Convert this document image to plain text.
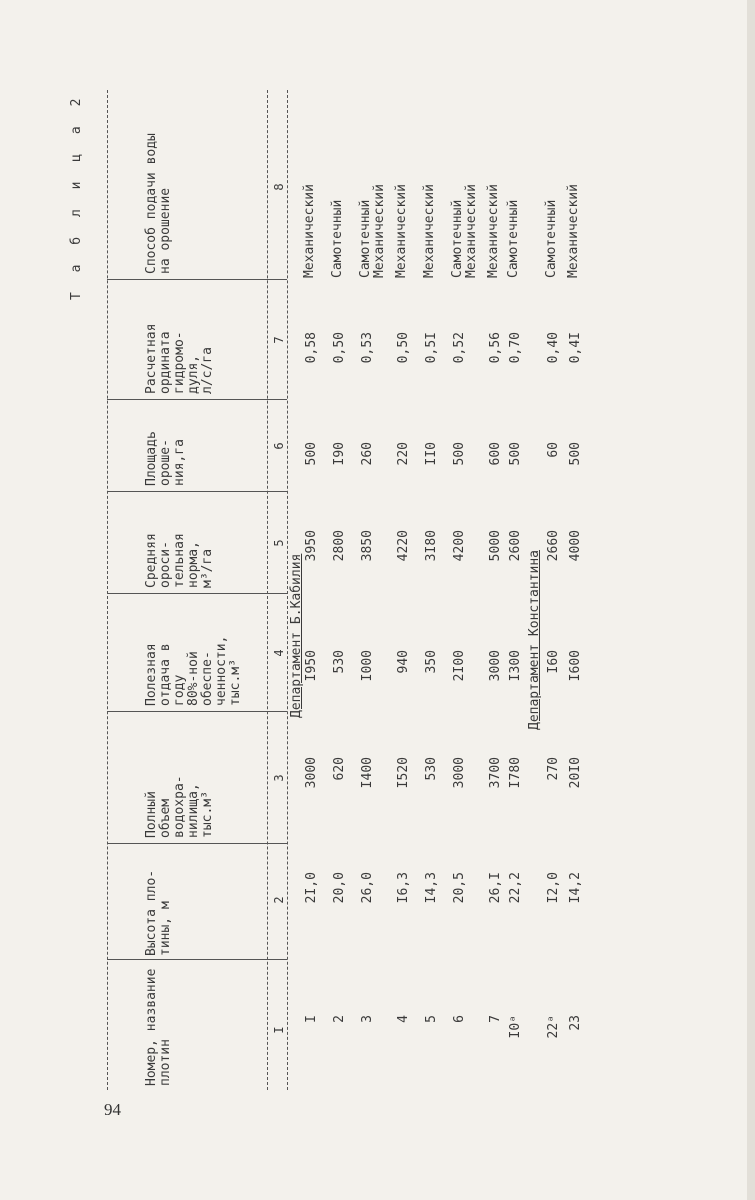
94
Т а б л и ц а 2
Номер, название
плотин
Высота пло-
тины, м
Полный
объем
водохра-
нилища,
тыс.м³
Полезная
отдача в
году
80%-ной
обеспе-
ченности,
тыс.м³
Средняя
ороси-
тельная
норма,
м³/га
Площадь
ороше-
ния,га
Расчетная
ордината
гидромо-
дуля,
л/с/га
Способ подачи воды
на орошение
I
2
3
4
5
6
7
8
Департамент Б.Кабилия	Департамент Константина
I
2I,0
3000
I950
3950
500
0,58
Механический
2
20,0
620
530
2800
I90
0,50
Самотечный
3
26,0
I400
I000
3850
260
0,53
Самотечный
Механический
4
I6,3
I520
940
4220
220
0,50
Механический
5
I4,3
530
350
3I80
II0
0,5I
Механический
6
20,5
3000
2I00
4200
500
0,52
Самотечный
Механический
7
26,I
3700
3000
5000
600
0,56
Механический
I0ᵃ
22,2
I780
I300
2600
500
0,70
Самотечный
22ᵃ
I2,0
270
I60
2660
60
0,40
Самотечный
23
I4,2
20I0
I600
4000
500
0,4I
Механический
